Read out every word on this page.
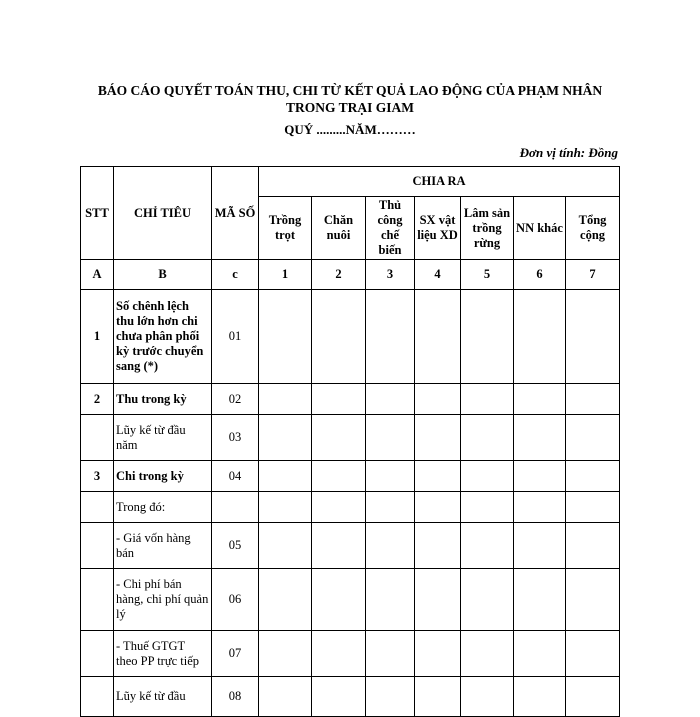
BÁO CÁO QUYẾT TOÁN THU, CHI TỪ KẾT QUẢ LAO ĐỘNG CỦA PHẠM NHÂN
TRONG TRẠI GIAM
QUÝ .........NĂM………
Đơn vị tính: Đồng
STT	CHỈ TIÊU	MÃ SỐ	CHIA RA						
			Trồng trọt	Chăn nuôi	Thủ công chế biến	SX vật liệu XD	Lâm sản trồng rừng	NN khác	Tổng cộng
A	B	c	1	2	3	4	5	6	7
1	Số chênh lệch thu lớn hơn chi chưa phân phối kỳ trước chuyển sang (*)	01							
2	Thu trong kỳ	02							
	Lũy kế từ đầu năm	03							
3	Chi trong kỳ	04							
	Trong đó:								
	- Giá vốn hàng bán	05							
	- Chi phí bán hàng, chi phí quản lý	06							
	- Thuế GTGT theo PP trực tiếp	07							
	Lũy kế từ đầu	08							
